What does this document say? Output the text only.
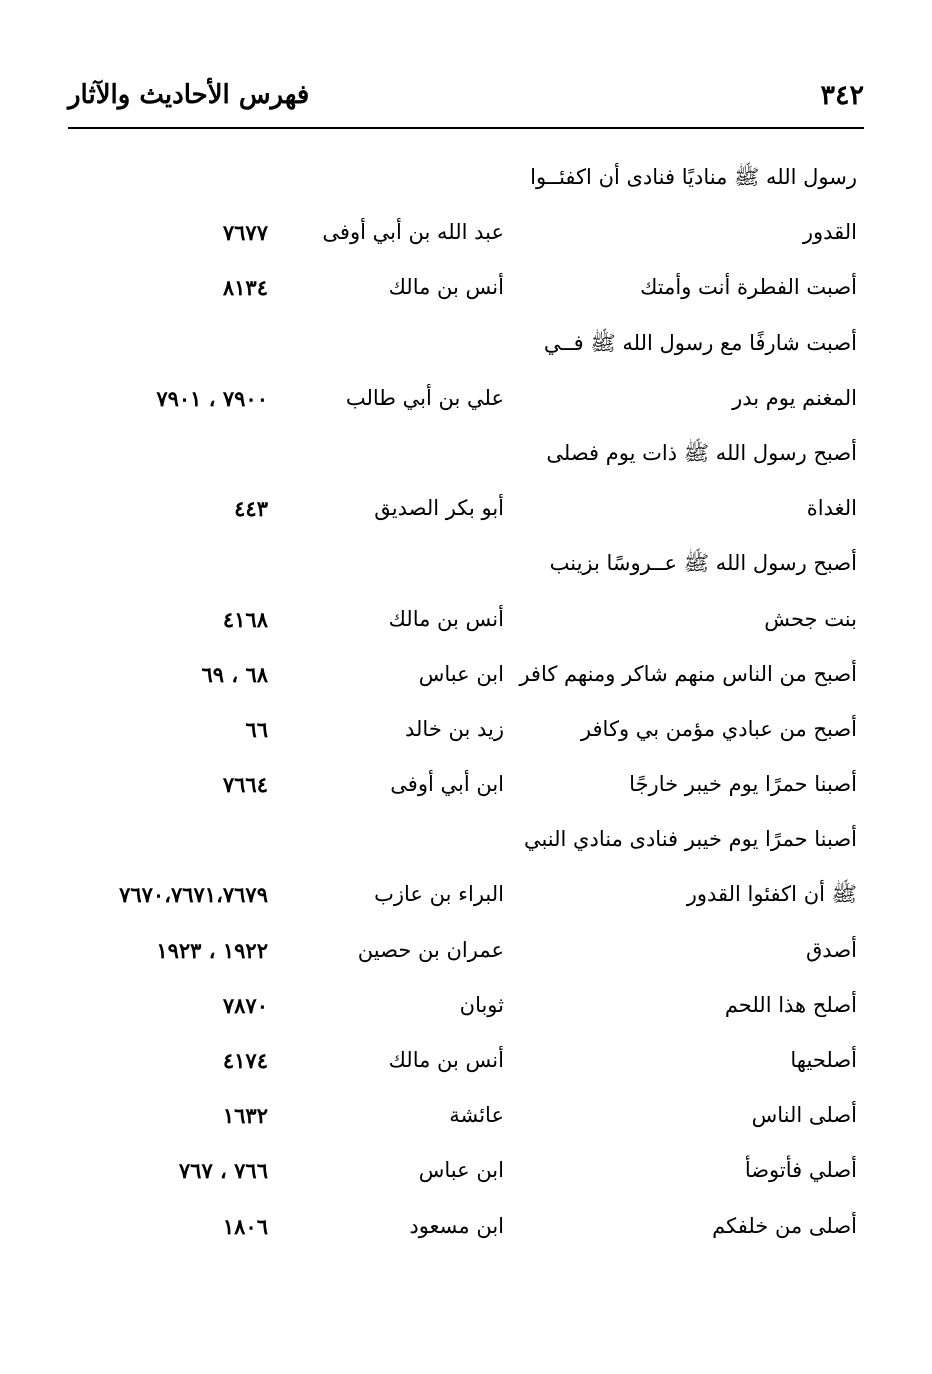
٣٤٢
فهرس الأحاديث والآثار
رسول الله ﷺ مناديًا فنادى أن اكفئــوا
القدور
عبد الله بن أبي أوفى
٧٦٧٧
أصبت الفطرة أنت وأمتك
أنس بن مالك
٨١٣٤
أصبت شارفًا مع رسول الله ﷺ فــي
المغنم يوم بدر
علي بن أبي طالب
٧٩٠٠ ، ٧٩٠١
أصبح رسول الله ﷺ ذات يوم فصلى
الغداة
أبو بكر الصديق
٤٤٣
أصبح رسول الله ﷺ عــروسًا بزينب
بنت جحش
أنس بن مالك
٤١٦٨
أصبح من الناس منهم شاكر ومنهم كافر
ابن عباس
٦٨ ، ٦٩
أصبح من عبادي مؤمن بي وكافر
زيد بن خالد
٦٦
أصبنا حمرًا يوم خيبر خارجًا
ابن أبي أوفى
٧٦٦٤
أصبنا حمرًا يوم خيبر فنادى منادي النبي
ﷺ أن اكفئوا القدور
البراء بن عازب
٧٦٧٠،٧٦٧١،٧٦٧٩
أصدق
عمران بن حصين
١٩٢٢ ، ١٩٢٣
أصلح هذا اللحم
ثوبان
٧٨٧٠
أصلحيها
أنس بن مالك
٤١٧٤
أصلى الناس
عائشة
١٦٣٢
أصلي فأتوضأ
ابن عباس
٧٦٦ ، ٧٦٧
أصلى من خلفكم
ابن مسعود
١٨٠٦
